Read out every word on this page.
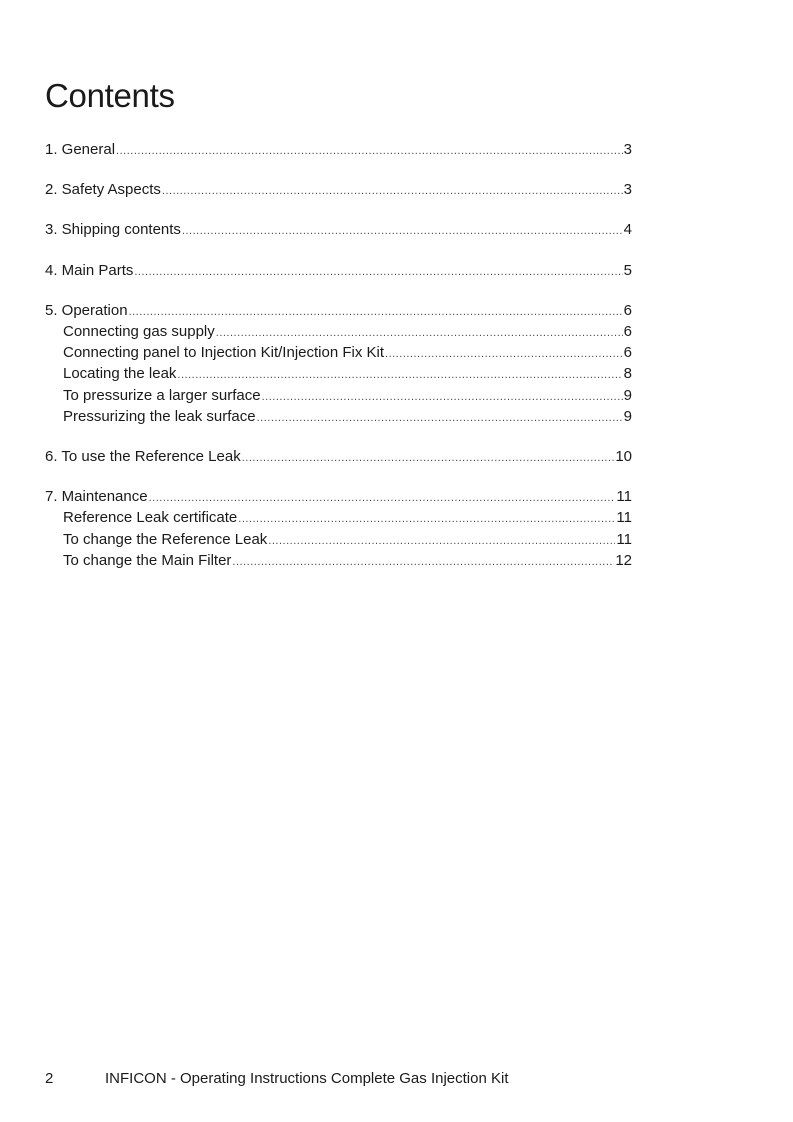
Contents
1. General .....	3
2. Safety Aspects .....	3
3. Shipping contents .....	4
4. Main Parts .....	5
5. Operation .....	6
Connecting gas supply .....	6
Connecting panel to Injection Kit/Injection Fix Kit .....	6
Locating the leak .....	8
To pressurize a larger surface .....	9
Pressurizing the leak surface .....	9
6. To use the Reference Leak .....	10
7. Maintenance .....	11
Reference Leak certificate .....	11
To change the Reference Leak .....	11
To change the Main Filter .....	12
2	INFICON - Operating Instructions Complete Gas Injection Kit
